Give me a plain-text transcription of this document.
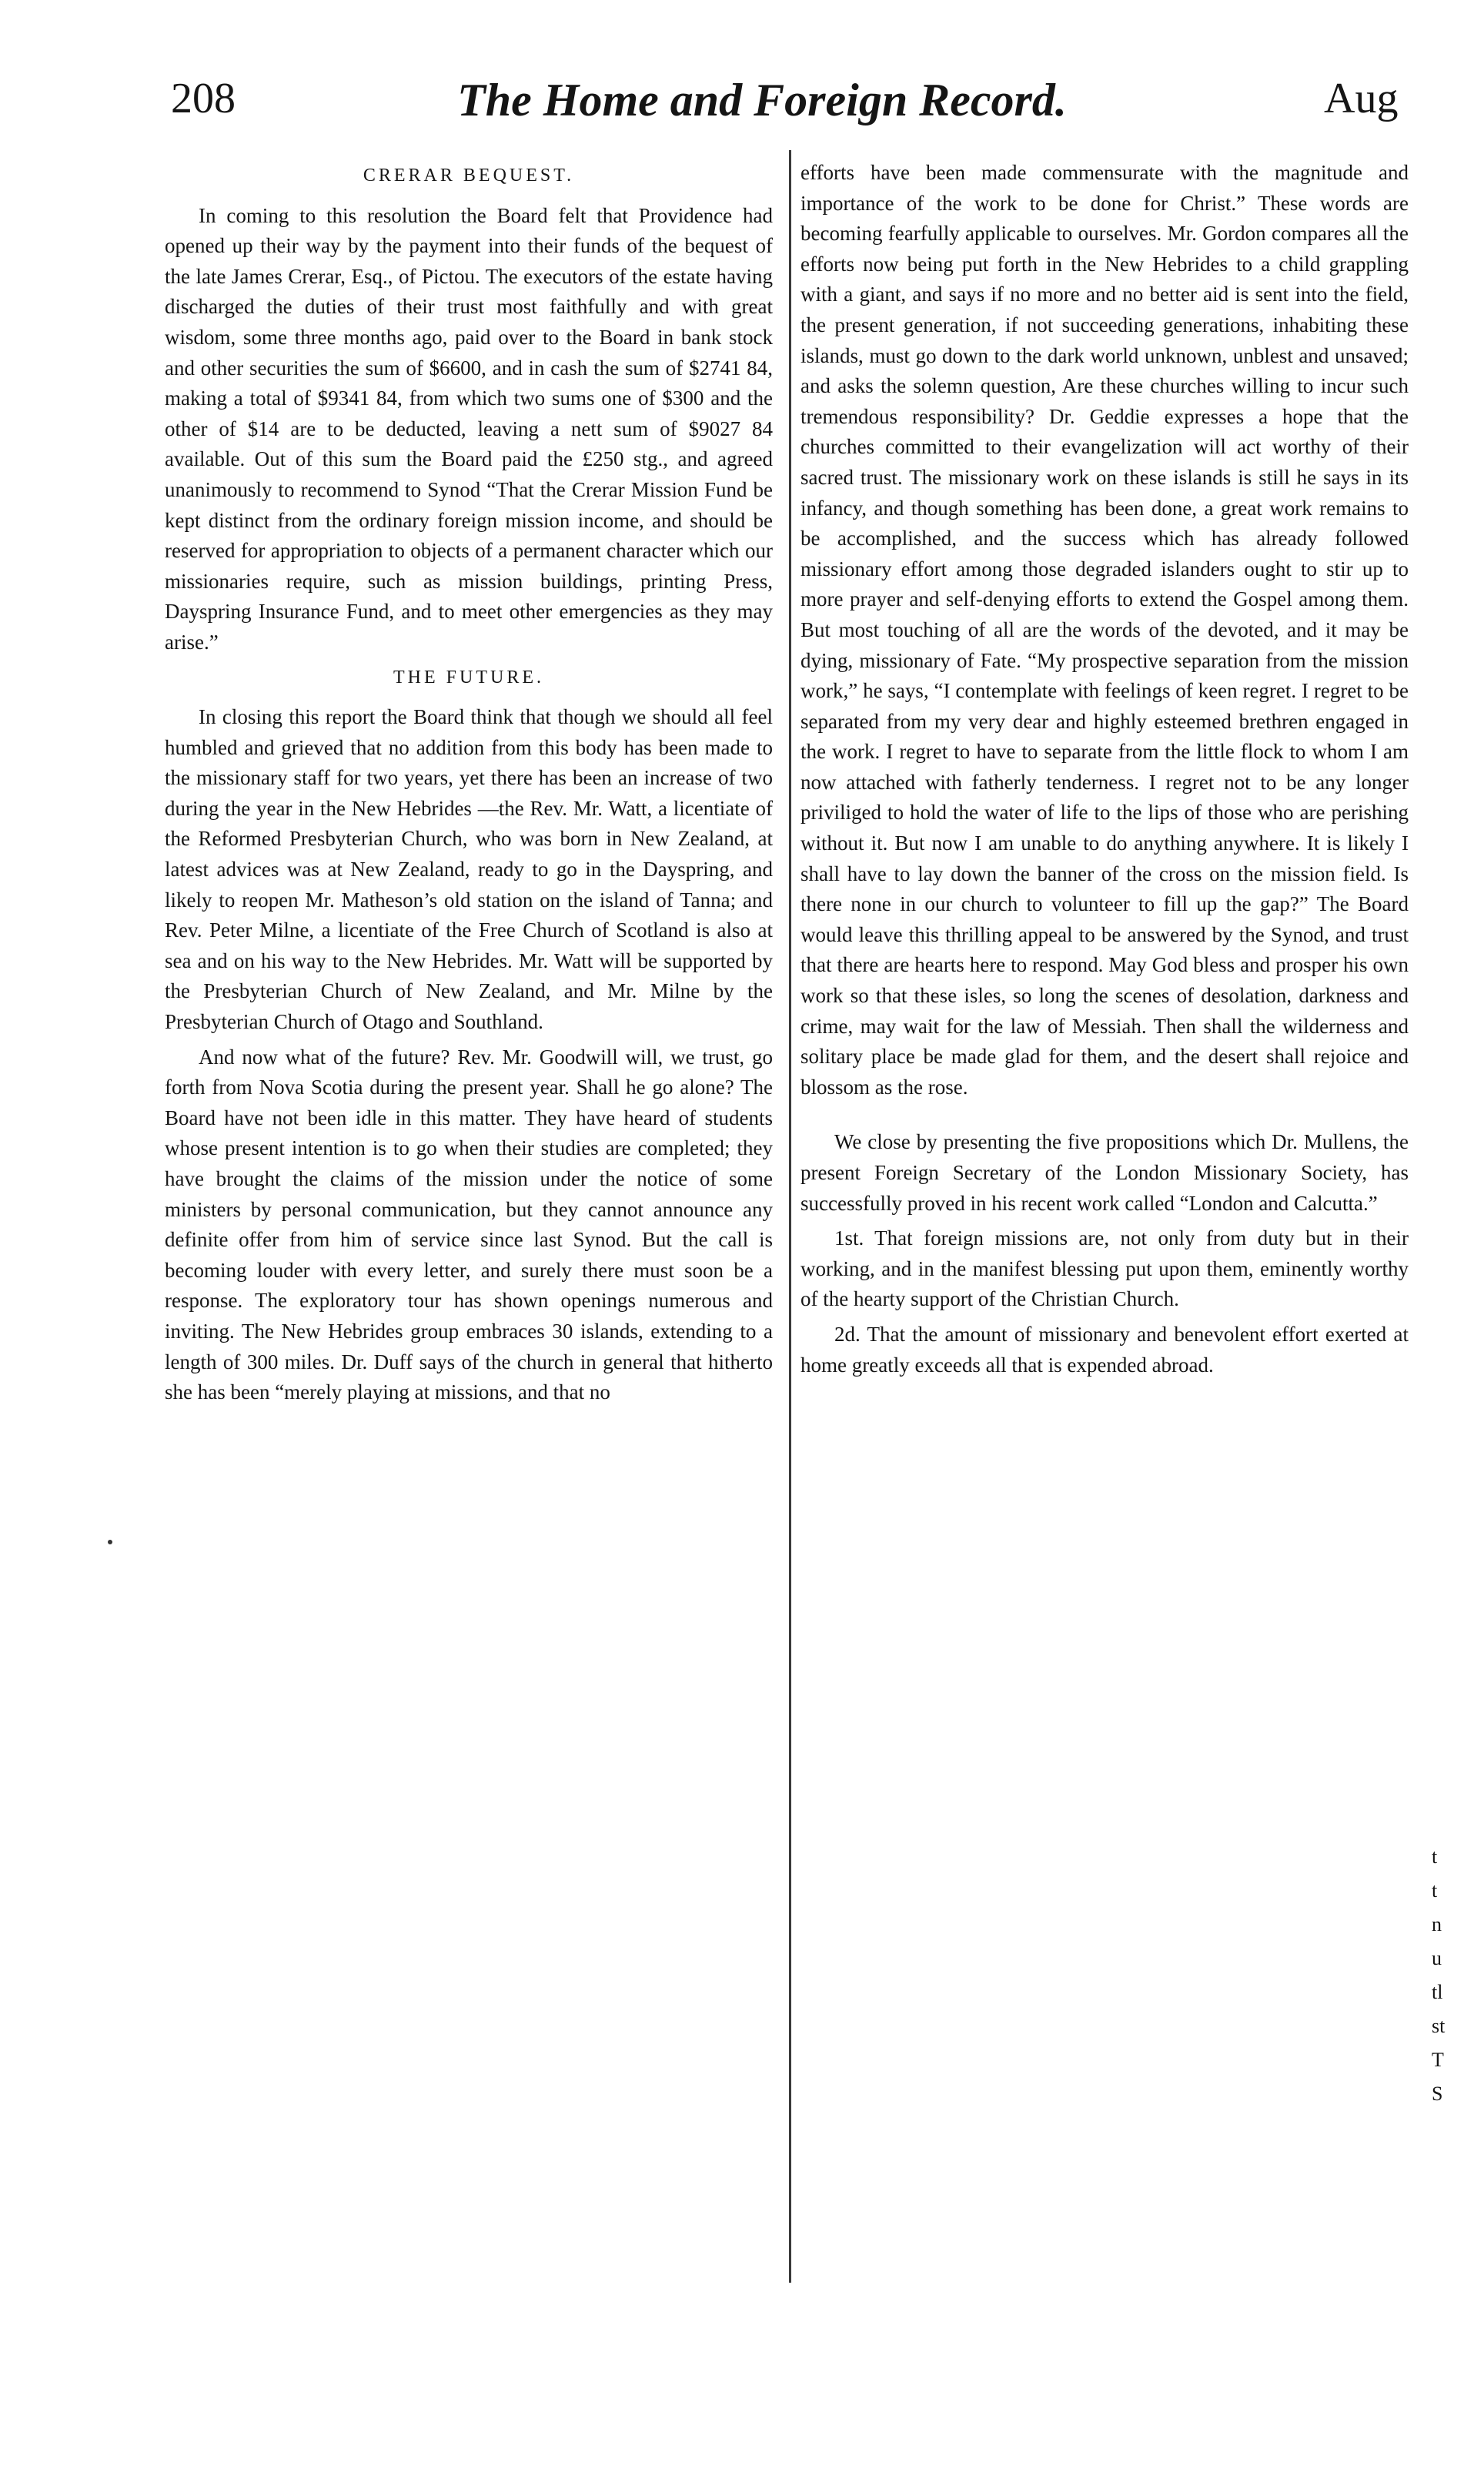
208	The Home and Foreign Record.	Aug
CRERAR BEQUEST.

In coming to this resolution the Board felt that Providence had opened up their way by the payment into their funds of the bequest of the late James Crerar, Esq., of Pictou. The executors of the estate having discharged the duties of their trust most faithfully and with great wisdom, some three months ago, paid over to the Board in bank stock and other securities the sum of $6600, and in cash the sum of $2741 84, making a total of $9341 84, from which two sums one of $300 and the other of $14 are to be deducted, leaving a nett sum of $9027 84 available. Out of this sum the Board paid the £250 stg., and agreed unanimously to recommend to Synod “That the Crerar Mission Fund be kept distinct from the ordinary foreign mission income, and should be reserved for appropriation to objects of a permanent character which our missionaries require, such as mission buildings, printing Press, Dayspring Insurance Fund, and to meet other emergencies as they may arise.”

THE FUTURE.

In closing this report the Board think that though we should all feel humbled and grieved that no addition from this body has been made to the missionary staff for two years, yet there has been an increase of two during the year in the New Hebrides —the Rev. Mr. Watt, a licentiate of the Reformed Presbyterian Church, who was born in New Zealand, at latest advices was at New Zealand, ready to go in the Dayspring, and likely to reopen Mr. Matheson’s old station on the island of Tanna; and Rev. Peter Milne, a licentiate of the Free Church of Scotland is also at sea and on his way to the New Hebrides. Mr. Watt will be supported by the Presbyterian Church of New Zealand, and Mr. Milne by the Presbyterian Church of Otago and Southland.

And now what of the future? Rev. Mr. Goodwill will, we trust, go forth from Nova Scotia during the present year. Shall he go alone? The Board have not been idle in this matter. They have heard of students whose present intention is to go when their studies are completed; they have brought the claims of the mission under the notice of some ministers by personal communication, but they cannot announce any definite offer from him of service since last Synod. But the call is becoming louder with every letter, and surely there must soon be a response. The exploratory tour has shown openings numerous and inviting. The New Hebrides group embraces 30 islands, extending to a length of 300 miles. Dr. Duff says of the church in general that hitherto she has been “merely playing at missions, and that no

efforts have been made commensurate with the magnitude and importance of the work to be done for Christ.” These words are becoming fearfully applicable to ourselves. Mr. Gordon compares all the efforts now being put forth in the New Hebrides to a child grappling with a giant, and says if no more and no better aid is sent into the field, the present generation, if not succeeding generations, inhabiting these islands, must go down to the dark world unknown, unblest and unsaved; and asks the solemn question, Are these churches willing to incur such tremendous responsibility? Dr. Geddie expresses a hope that the churches committed to their evangelization will act worthy of their sacred trust. The missionary work on these islands is still he says in its infancy, and though something has been done, a great work remains to be accomplished, and the success which has already followed missionary effort among those degraded islanders ought to stir up to more prayer and self-denying efforts to extend the Gospel among them. But most touching of all are the words of the devoted, and it may be dying, missionary of Fate. “My prospective separation from the mission work,” he says, “I contemplate with feelings of keen regret. I regret to be separated from my very dear and highly esteemed brethren engaged in the work. I regret to have to separate from the little flock to whom I am now attached with fatherly tenderness. I regret not to be any longer priviliged to hold the water of life to the lips of those who are perishing without it. But now I am unable to do anything anywhere. It is likely I shall have to lay down the banner of the cross on the mission field. Is there none in our church to volunteer to fill up the gap?” The Board would leave this thrilling appeal to be answered by the Synod, and trust that there are hearts here to respond. May God bless and prosper his own work so that these isles, so long the scenes of desolation, darkness and crime, may wait for the law of Messiah. Then shall the wilderness and solitary place be made glad for them, and the desert shall rejoice and blossom as the rose.

We close by presenting the five propositions which Dr. Mullens, the present Foreign Secretary of the London Missionary Society, has successfully proved in his recent work called “London and Calcutta.”

1st. That foreign missions are, not only from duty but in their working, and in the manifest blessing put upon them, eminently worthy of the hearty support of the Christian Church.

2d. That the amount of missionary and benevolent effort exerted at home greatly exceeds all that is expended abroad.

t
t
n
u
tl
st
T
S
